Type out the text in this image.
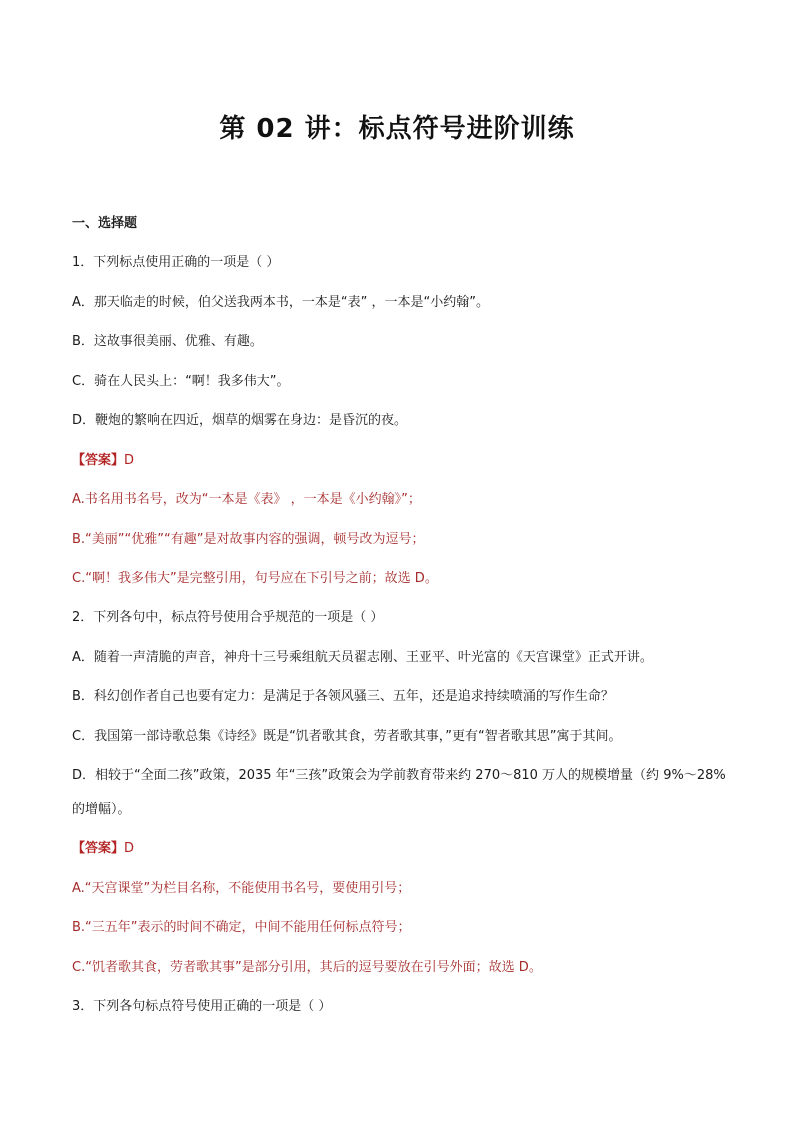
第 02 讲：标点符号进阶训练
一、选择题
1．下列标点使用正确的一项是（ ）
A．那天临走的时候，伯父送我两本书，一本是“表” ，一本是“小约翰”。
B．这故事很美丽、优雅、有趣。
C．骑在人民头上：“啊！我多伟大”。
D．鞭炮的繁响在四近，烟草的烟雾在身边：是昏沉的夜。
【答案】D
A.书名用书名号，改为“一本是《表》 ，一本是《小约翰》”；
B.“美丽”“优雅”“有趣”是对故事内容的强调，顿号改为逗号；
C.“啊！我多伟大”是完整引用，句号应在下引号之前；故选 D。
2．下列各句中，标点符号使用合乎规范的一项是（ ）
A．随着一声清脆的声音，神舟十三号乘组航天员翟志刚、王亚平、叶光富的《天宫课堂》正式开讲。
B．科幻创作者自己也要有定力：是满足于各领风骚三、五年，还是追求持续喷涌的写作生命？
C．我国第一部诗歌总集《诗经》既是“饥者歌其食，劳者歌其事，”更有“智者歌其思”寓于其间。
D．相较于“全面二孩”政策，2035 年“三孩”政策会为学前教育带来约 270～810 万人的规模增量（约 9%～28%
的增幅）。
【答案】D
A.“天宫课堂”为栏目名称，不能使用书名号，要使用引号；
B.“三五年”表示的时间不确定，中间不能用任何标点符号；
C.“饥者歌其食，劳者歌其事”是部分引用，其后的逗号要放在引号外面；故选 D。
3．下列各句标点符号使用正确的一项是（ ）
